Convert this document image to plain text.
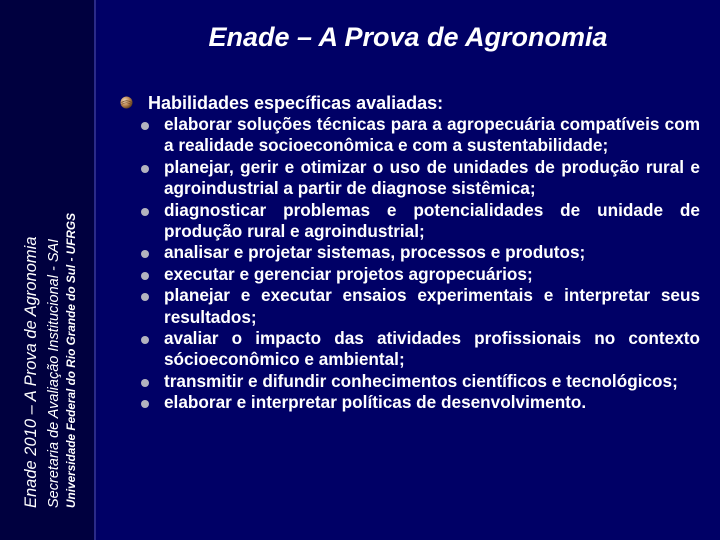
Enade 2010 – A Prova de Agronomia Secretaria de Avaliação Institucional - SAI Universidade Federal do Rio Grande do Sul - UFRGS
Enade – A Prova de Agronomia
Habilidades específicas avaliadas:
elaborar soluções técnicas para a agropecuária compatíveis com a realidade socioeconômica e com a sustentabilidade;
planejar, gerir e otimizar o uso de unidades de produção rural e agroindustrial a partir de diagnose sistêmica;
diagnosticar problemas e potencialidades de unidade de produção rural e agroindustrial;
analisar e projetar sistemas, processos e produtos;
executar e gerenciar projetos agropecuários;
planejar e executar ensaios experimentais e interpretar seus resultados;
avaliar o impacto das atividades profissionais no contexto sócioeconômico e ambiental;
transmitir e difundir conhecimentos científicos e tecnológicos;
elaborar e interpretar políticas de desenvolvimento.
